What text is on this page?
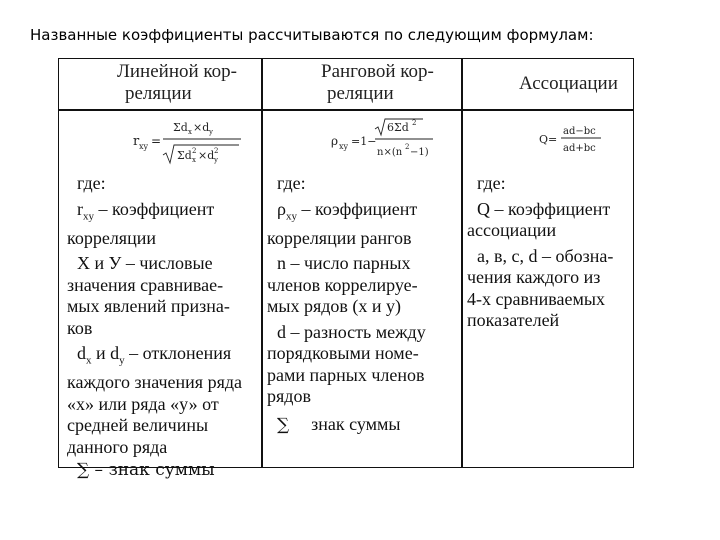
Названные коэффициенты рассчитываются по следующим формулам:
Линейной кор-
реляции
Ранговой кор-
реляции	Ассоциации
r xy =
Σd x ×d y
Σd x
2 ×d y
2
ρ xy =1−
6Σd 2
n×(n 2 −1)
Q=
ad−bc
ad+bc

где:

$r_{xy}$ – коэффициент

корреляции

X и У – числовые

значения сравнивае-

мых явлений призна-

ков

$d_x$ и $d_y$ – отклонения

каждого значения ряда

«х» или ряда «у» от

средней величины

данного ряда

∑ – знак суммы

где:

$\rho_{xy}$ – коэффициент

корреляции рангов

n – число парных

членов коррелируе-

мых рядов (х и у)

d – разность между

порядковыми номе-

рами парных членов

рядов

∑ знак суммы

где:

Q – коэффициент

ассоциации

a, в, с, d – обозна-

чения каждого из

4-х сравниваемых

показателей
